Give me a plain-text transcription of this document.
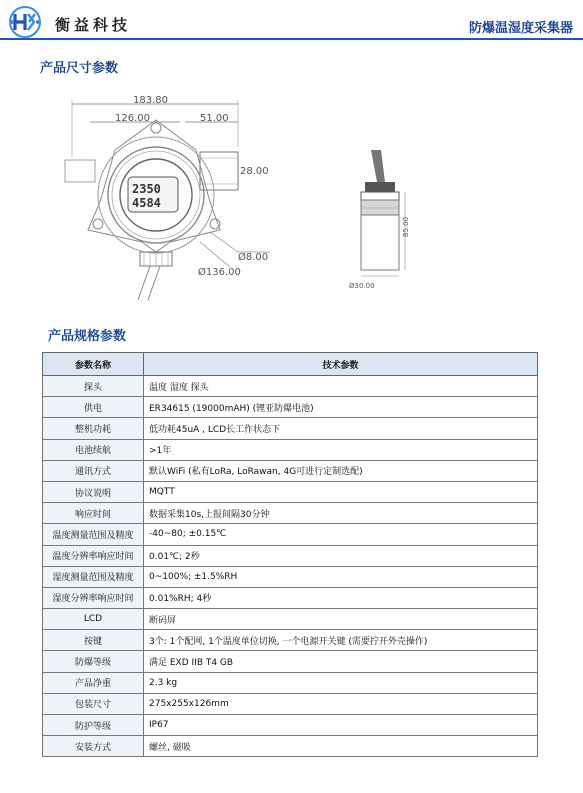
衡益科技	防爆温湿度采集器
产品尺寸参数
183.80
126.00	51.00
28.00
2350
4584
Ø8.00
Ø136.00
85.00
Ø30.00
产品规格参数
参数名称	技术参数
探头	温度 湿度 探头
供电	ER34615 (19000mAH) (锂亚防爆电池)
整机功耗	低功耗45uA , LCD长工作状态下
电池续航	>1年
通讯方式	默认WiFi (私有LoRa, LoRawan, 4G可进行定制选配)
协议说明	MQTT
响应时间	数据采集10s,上报间隔30分钟
温度测量范围及精度	-40~80; ±0.15℃
温度分辨率响应时间	0.01℃; 2秒
湿度测量范围及精度	0~100%; ±1.5%RH
湿度分辨率响应时间	0.01%RH; 4秒
LCD	断码屏
按键	3个: 1个配网, 1个温度单位切换, 一个电源开关键 (需要拧开外壳操作)
防爆等级	满足 EXD IIB T4 GB
产品净重	2.3 kg
包装尺寸	275x255x126mm
防护等级	IP67
安装方式	螺丝, 磁吸
